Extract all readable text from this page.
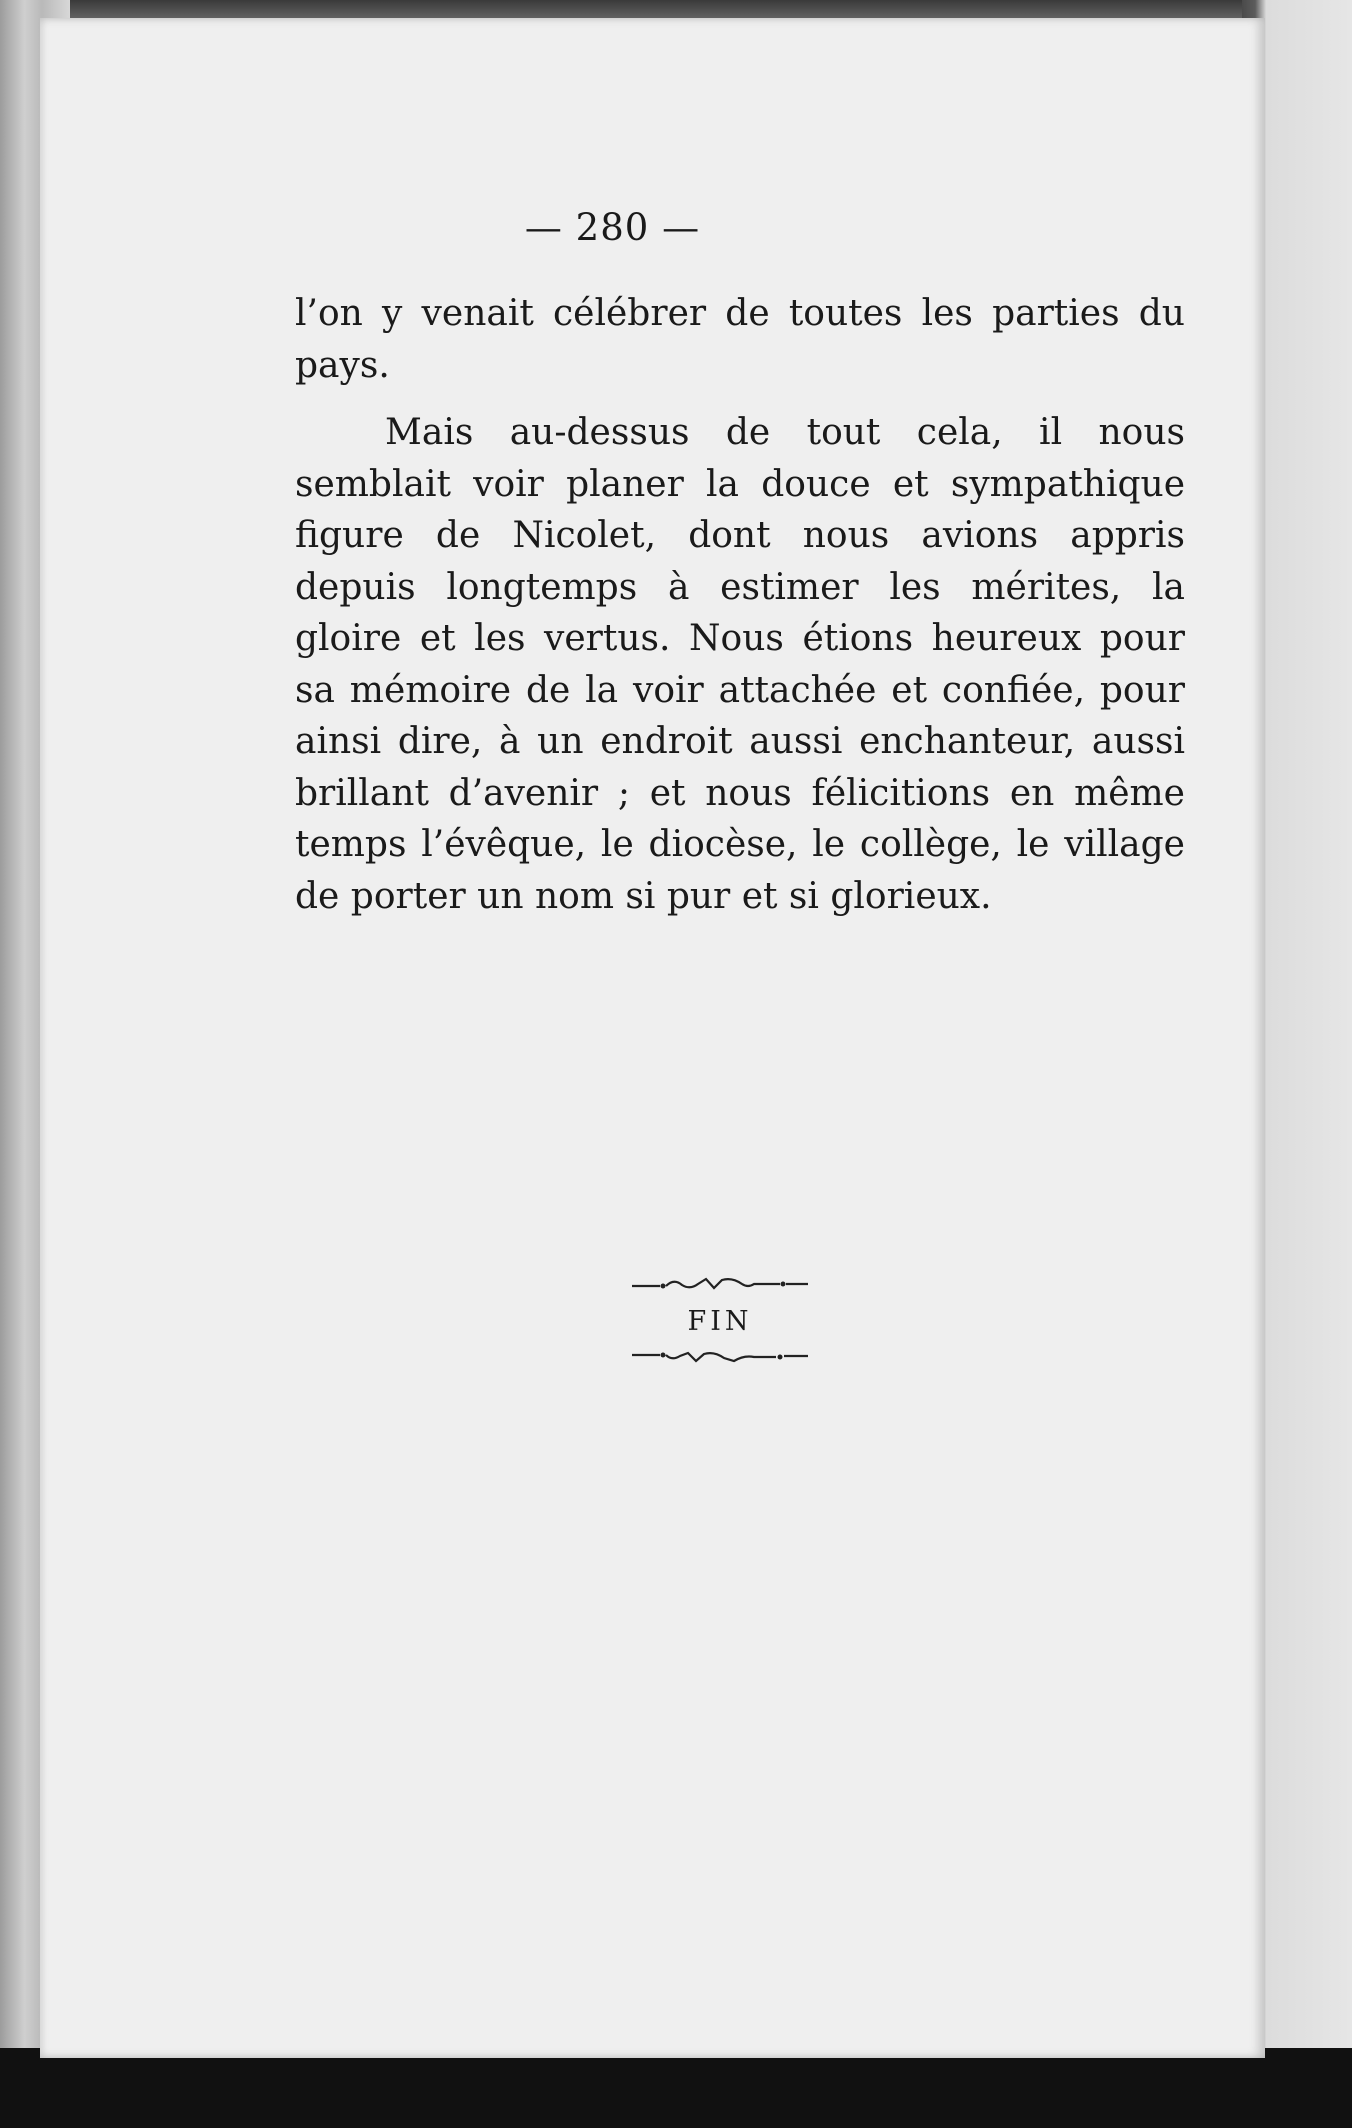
— 280 —

l’on y venait célébrer de toutes les parties du pays.

Mais au-dessus de tout cela, il nous semblait voir planer la douce et sympathique figure de Nicolet, dont nous avions appris depuis longtemps à estimer les mérites, la gloire et les vertus. Nous étions heureux pour sa mémoire de la voir attachée et confiée, pour ainsi dire, à un endroit aussi enchanteur, aussi brillant d’avenir ; et nous félicitions en même temps l’évêque, le diocèse, le collège, le village de porter un nom si pur et si glorieux.

FIN
